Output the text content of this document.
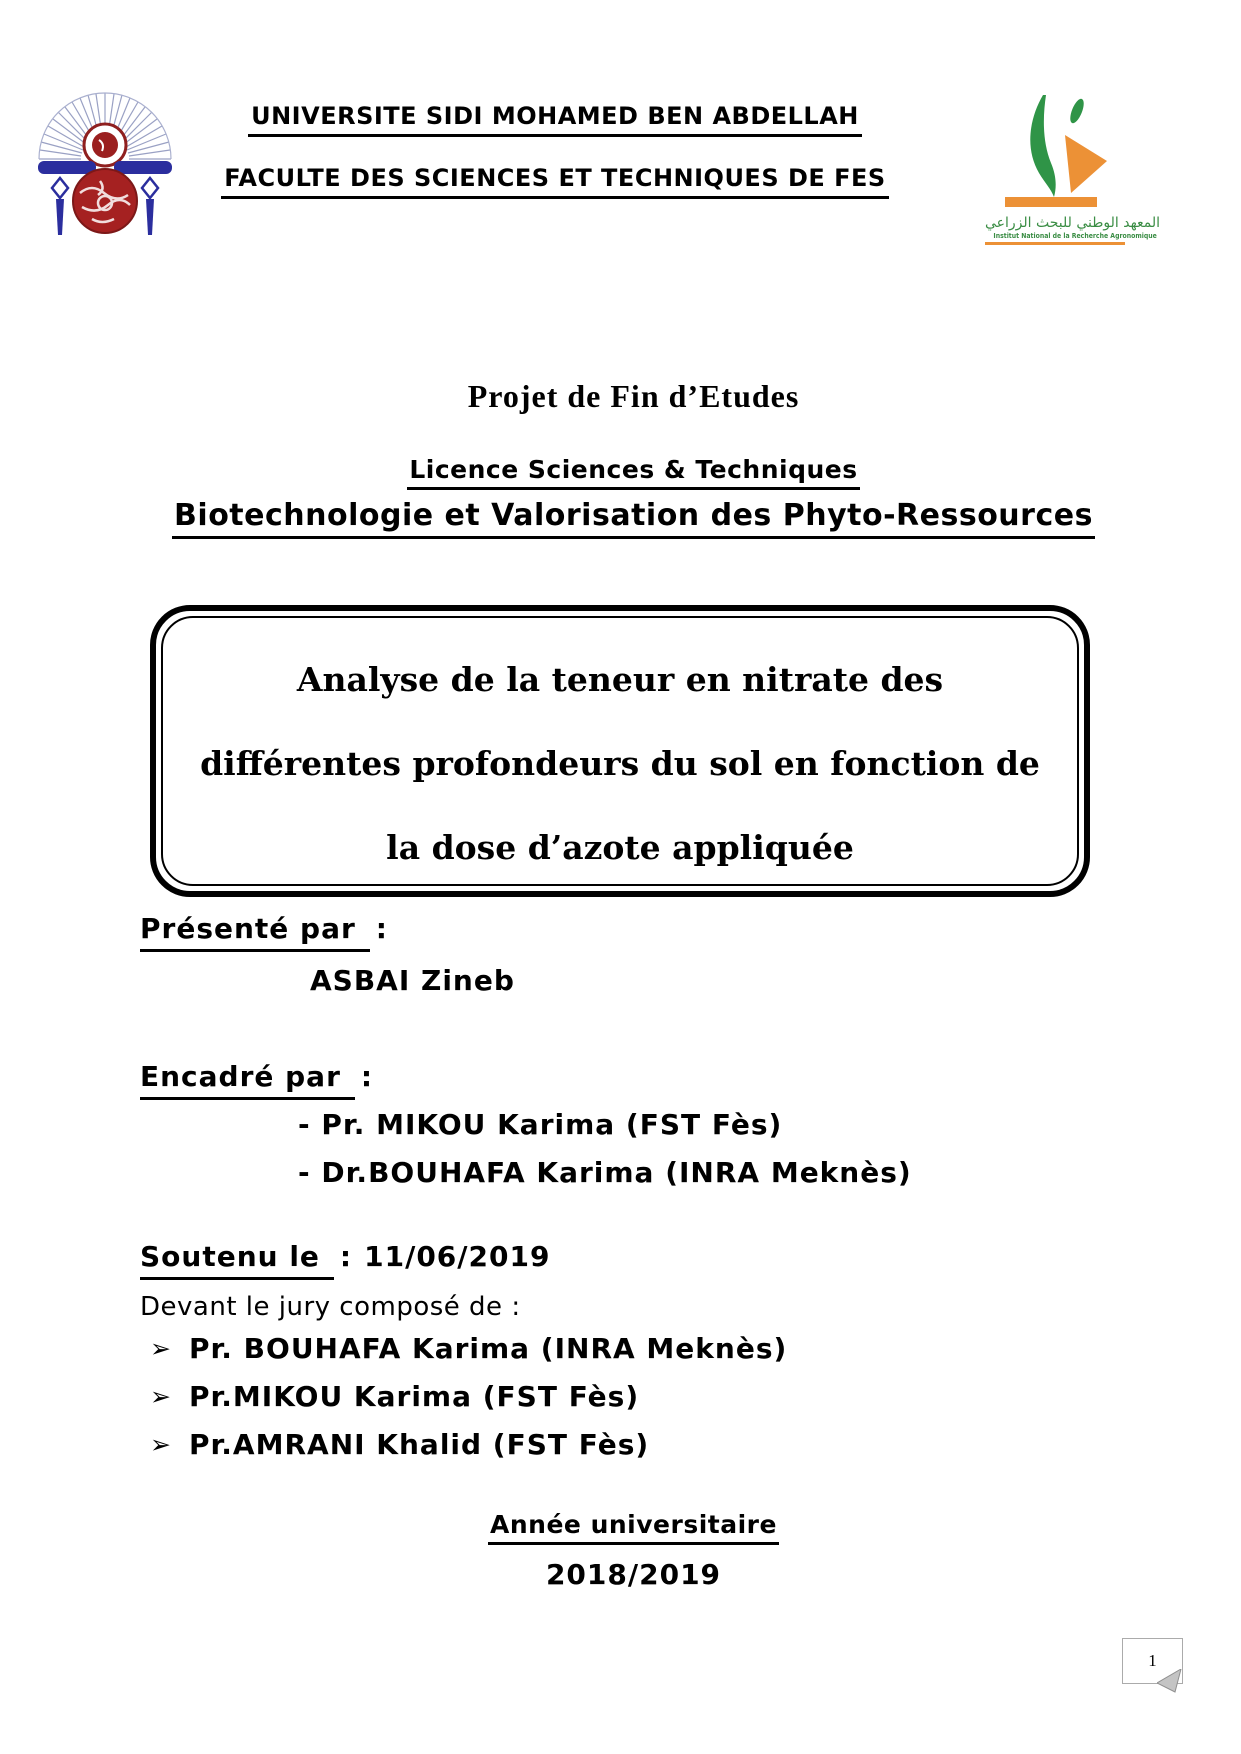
UNIVERSITE SIDI MOHAMED BEN ABDELLAH
FACULTE DES SCIENCES ET TECHNIQUES DE FES
المعهد الوطني للبحث الزراعي
Institut National de la Recherche Agronomique
Projet de Fin d’Etudes
Licence Sciences & Techniques
Biotechnologie et Valorisation des Phyto-Ressources
Analyse de la teneur en nitrate des
différentes profondeurs du sol en fonction de
la dose d’azote appliquée
Présenté par :
ASBAI Zineb
Encadré par :
- Pr. MIKOU Karima (FST Fès)
- Dr.BOUHAFA Karima (INRA Meknès)
Soutenu le : 11/06/2019
Devant le jury composé de :
➢ Pr. BOUHAFA Karima (INRA Meknès)
➢ Pr.MIKOU Karima (FST Fès)
➢ Pr.AMRANI Khalid (FST Fès)
Année universitaire
2018/2019
1
